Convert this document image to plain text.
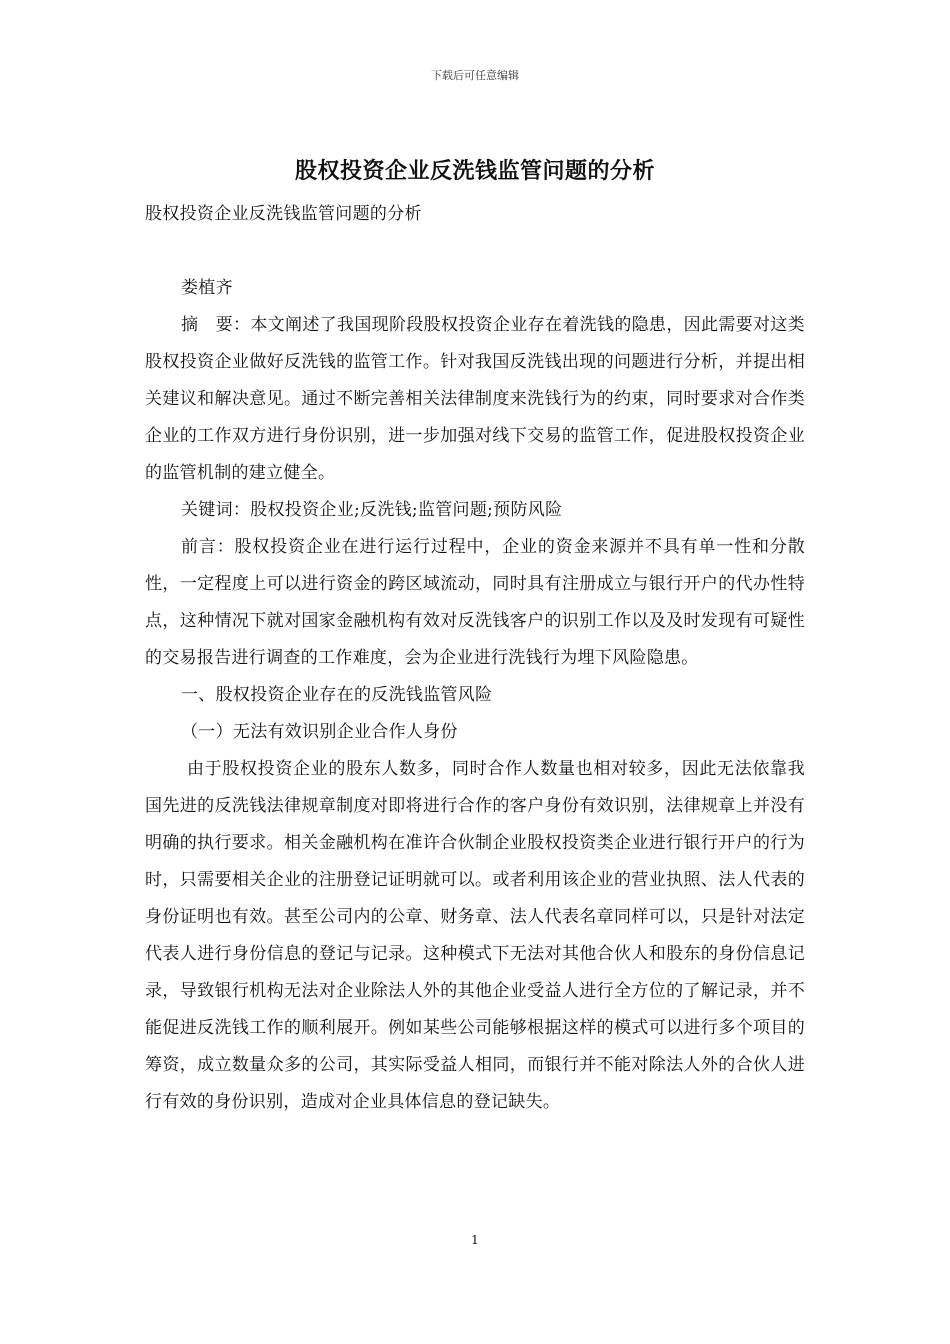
下载后可任意编辑
股权投资企业反洗钱监管问题的分析

股权投资企业反洗钱监管问题的分析

娄植齐

摘　要：本文阐述了我国现阶段股权投资企业存在着洗钱的隐患，因此需要对这类股权投资企业做好反洗钱的监管工作。针对我国反洗钱出现的问题进行分析，并提出相关建议和解决意见。通过不断完善相关法律制度来洗钱行为的约束，同时要求对合作类企业的工作双方进行身份识别，进一步加强对线下交易的监管工作，促进股权投资企业的监管机制的建立健全。

关键词：股权投资企业;反洗钱;监管问题;预防风险

前言：股权投资企业在进行运行过程中，企业的资金来源并不具有单一性和分散性，一定程度上可以进行资金的跨区域流动，同时具有注册成立与银行开户的代办性特点，这种情况下就对国家金融机构有效对反洗钱客户的识别工作以及及时发现有可疑性的交易报告进行调查的工作难度，会为企业进行洗钱行为埋下风险隐患。

一、股权投资企业存在的反洗钱监管风险

（一）无法有效识别企业合作人身份

由于股权投资企业的股东人数多，同时合作人数量也相对较多，因此无法依靠我国先进的反洗钱法律规章制度对即将进行合作的客户身份有效识别，法律规章上并没有明确的执行要求。相关金融机构在准许合伙制企业股权投资类企业进行银行开户的行为时，只需要相关企业的注册登记证明就可以。或者利用该企业的营业执照、法人代表的身份证明也有效。甚至公司内的公章、财务章、法人代表名章同样可以，只是针对法定代表人进行身份信息的登记与记录。这种模式下无法对其他合伙人和股东的身份信息记录，导致银行机构无法对企业除法人外的其他企业受益人进行全方位的了解记录，并不能促进反洗钱工作的顺利展开。例如某些公司能够根据这样的模式可以进行多个项目的筹资，成立数量众多的公司，其实际受益人相同，而银行并不能对除法人外的合伙人进行有效的身份识别，造成对企业具体信息的登记缺失。

1
